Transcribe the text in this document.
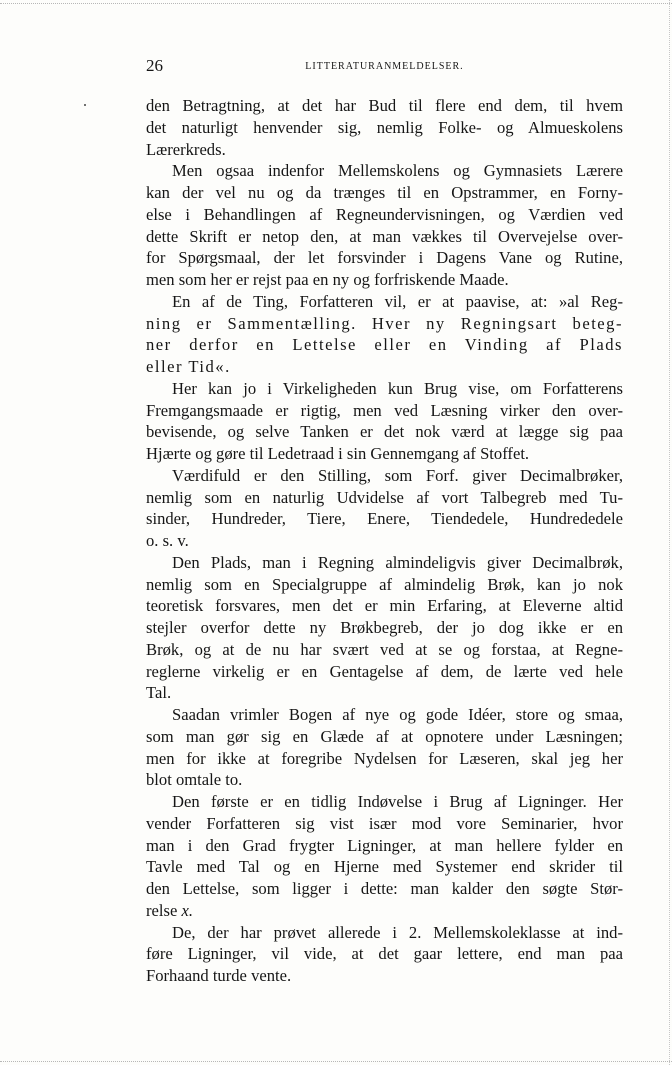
26	LITTERATURANMELDELSER.
den Betragtning, at det har Bud til flere end dem, til hvem
det naturligt henvender sig, nemlig Folke- og Almueskolens
Lærerkreds.
Men ogsaa indenfor Mellemskolens og Gymnasiets Lærere
kan der vel nu og da trænges til en Opstrammer, en Forny-
else i Behandlingen af Regneundervisningen, og Værdien ved
dette Skrift er netop den, at man vækkes til Overvejelse over-
for Spørgsmaal, der let forsvinder i Dagens Vane og Rutine,
men som her er rejst paa en ny og forfriskende Maade.
En af de Ting, Forfatteren vil, er at paavise, at: »al Reg-
ning er Sammentælling. Hver ny Regningsart beteg-
ner derfor en Lettelse eller en Vinding af Plads
eller Tid«.
Her kan jo i Virkeligheden kun Brug vise, om Forfatterens
Fremgangsmaade er rigtig, men ved Læsning virker den over-
bevisende, og selve Tanken er det nok værd at lægge sig paa
Hjærte og gøre til Ledetraad i sin Gennemgang af Stoffet.
Værdifuld er den Stilling, som Forf. giver Decimalbrøker,
nemlig som en naturlig Udvidelse af vort Talbegreb med Tu-
sinder, Hundreder, Tiere, Enere, Tiendedele, Hundrededele
o. s. v.
Den Plads, man i Regning almindeligvis giver Decimalbrøk,
nemlig som en Specialgruppe af almindelig Brøk, kan jo nok
teoretisk forsvares, men det er min Erfaring, at Eleverne altid
stejler overfor dette ny Brøkbegreb, der jo dog ikke er en
Brøk, og at de nu har svært ved at se og forstaa, at Regne-
reglerne virkelig er en Gentagelse af dem, de lærte ved hele
Tal.
Saadan vrimler Bogen af nye og gode Idéer, store og smaa,
som man gør sig en Glæde af at opnotere under Læsningen;
men for ikke at foregribe Nydelsen for Læseren, skal jeg her
blot omtale to.
Den første er en tidlig Indøvelse i Brug af Ligninger. Her
vender Forfatteren sig vist især mod vore Seminarier, hvor
man i den Grad frygter Ligninger, at man hellere fylder en
Tavle med Tal og en Hjerne med Systemer end skrider til
den Lettelse, som ligger i dette: man kalder den søgte Stør-
relse x.
De, der har prøvet allerede i 2. Mellemskoleklasse at ind-
føre Ligninger, vil vide, at det gaar lettere, end man paa
Forhaand turde vente.
